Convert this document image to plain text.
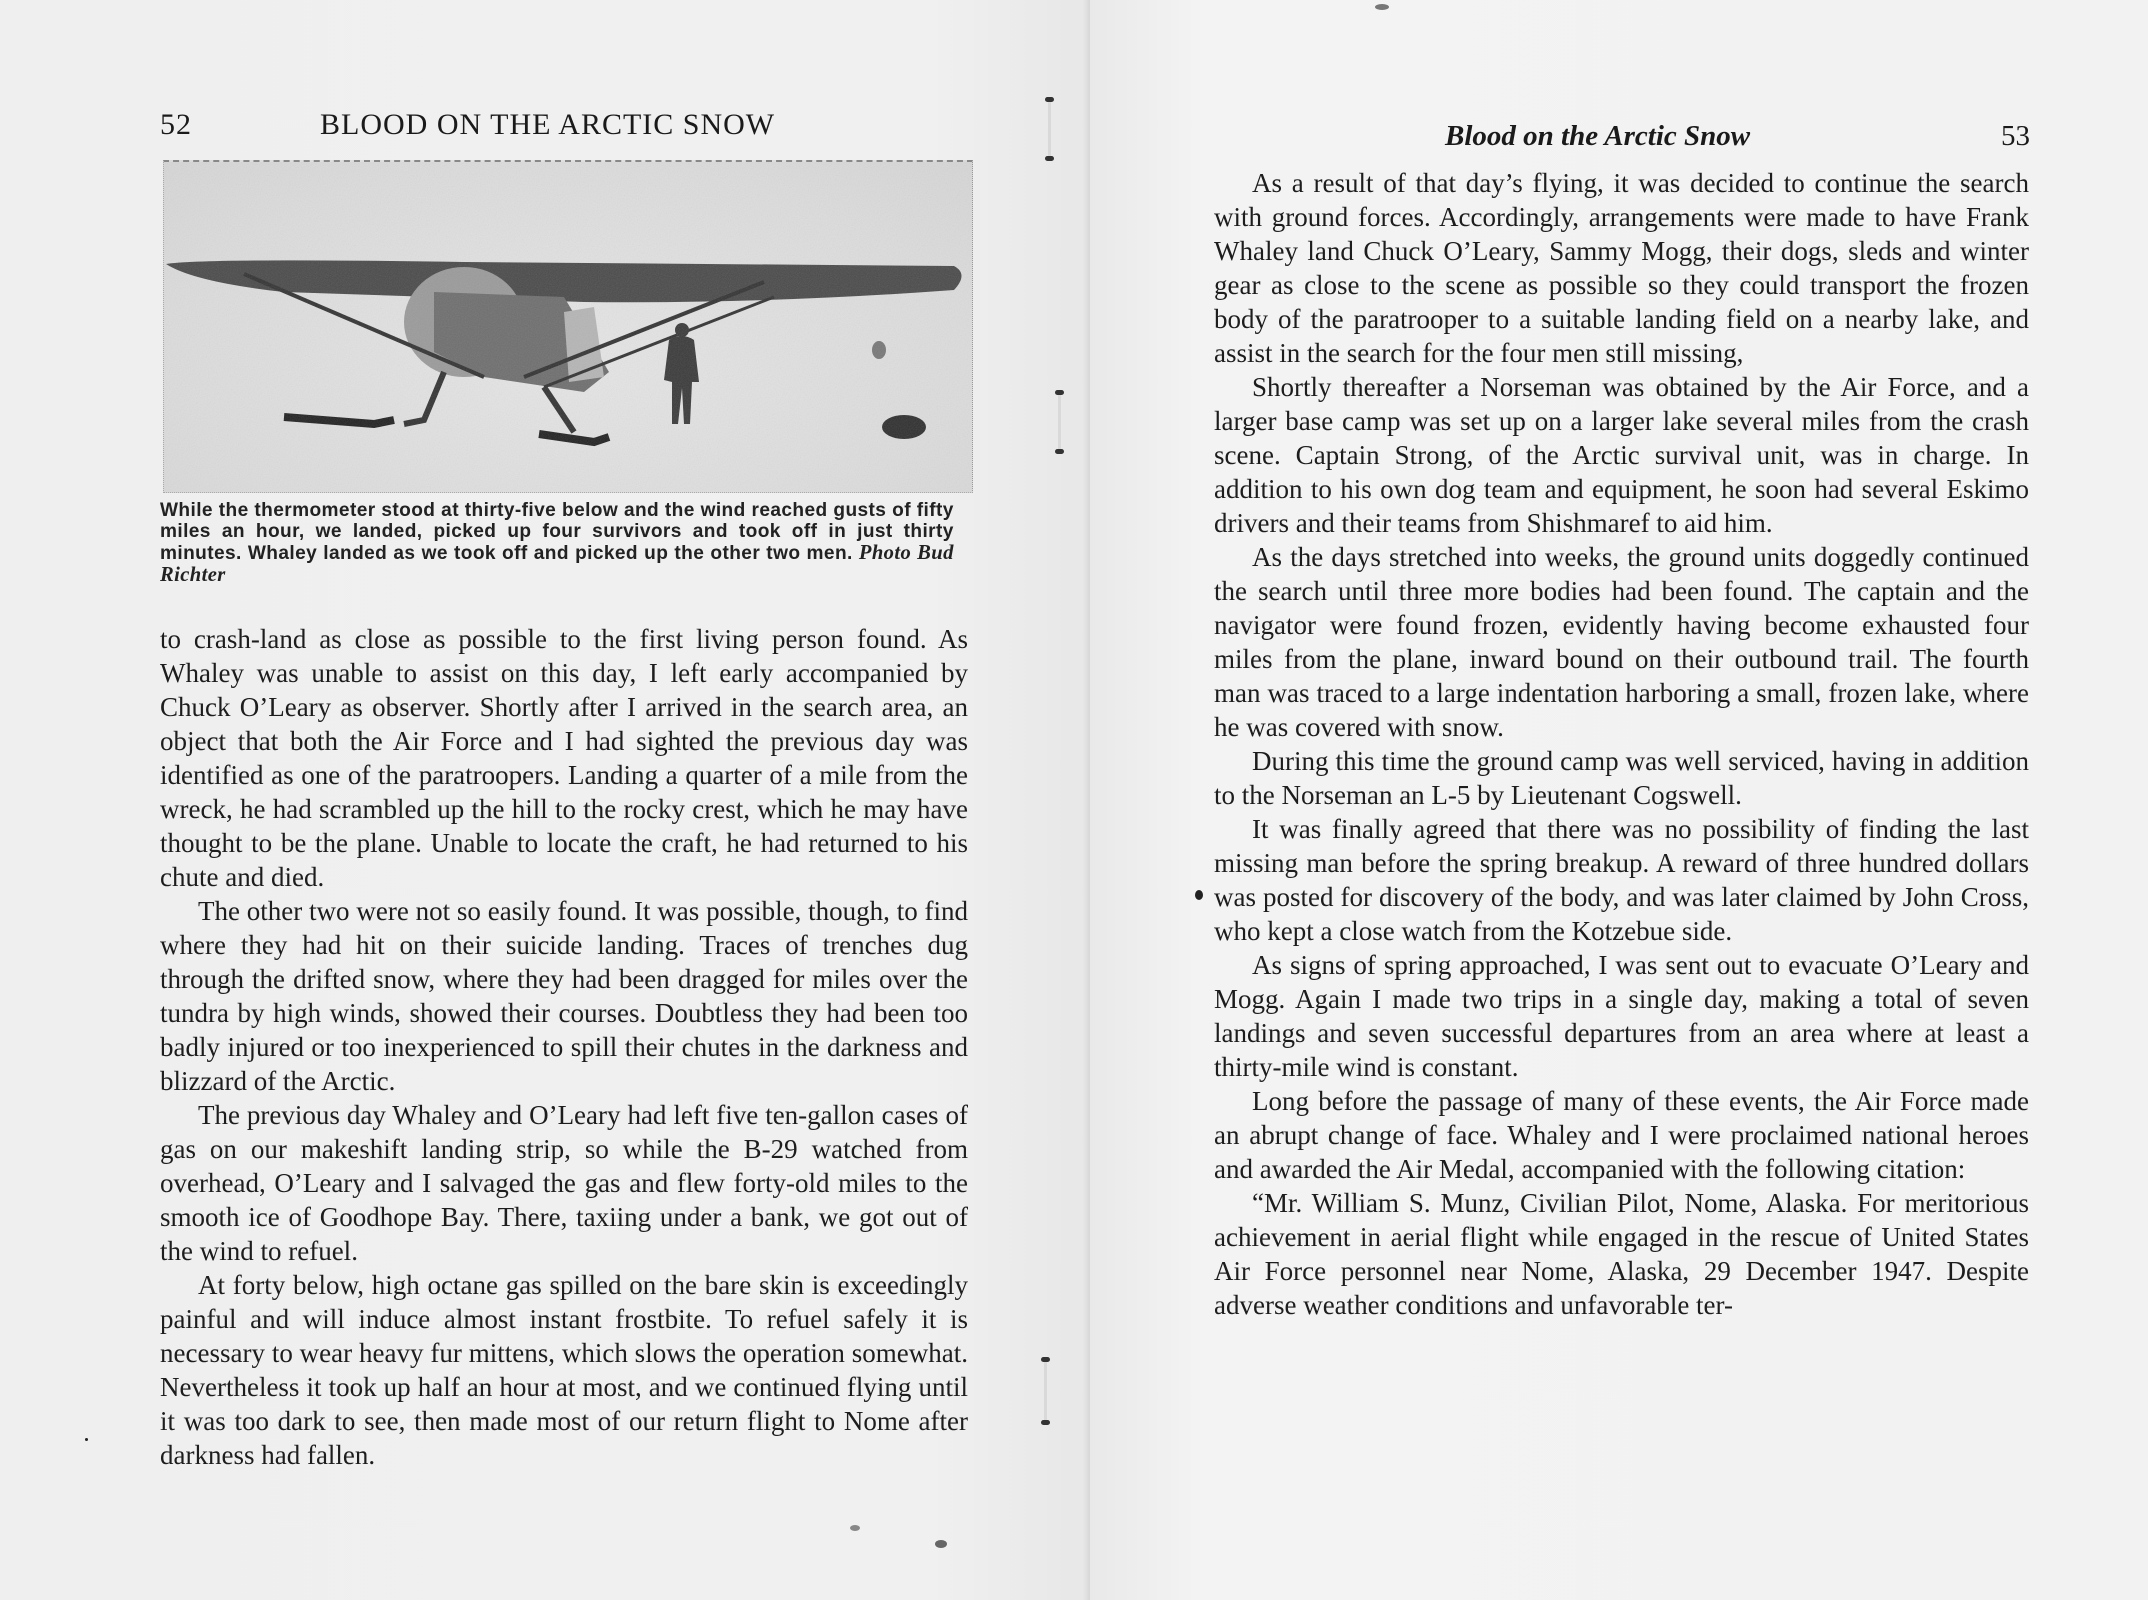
52	BLOOD ON THE ARCTIC SNOW
While the thermometer stood at thirty-five below and the wind reached gusts of fifty miles an hour, we landed, picked up four survivors and took off in just thirty minutes. Whaley landed as we took off and picked up the other two men. Photo Bud Richter

to crash-land as close as possible to the first living person found. As Whaley was unable to assist on this day, I left early accompanied by Chuck O’Leary as observer. Shortly after I arrived in the search area, an object that both the Air Force and I had sighted the previous day was identified as one of the paratroopers. Landing a quarter of a mile from the wreck, he had scrambled up the hill to the rocky crest, which he may have thought to be the plane. Unable to locate the craft, he had returned to his chute and died.

The other two were not so easily found. It was possible, though, to find where they had hit on their suicide landing. Traces of trenches dug through the drifted snow, where they had been dragged for miles over the tundra by high winds, showed their courses. Doubtless they had been too badly injured or too inexperienced to spill their chutes in the darkness and blizzard of the Arctic.

The previous day Whaley and O’Leary had left five ten-gallon cases of gas on our makeshift landing strip, so while the B-29 watched from overhead, O’Leary and I salvaged the gas and flew forty-old miles to the smooth ice of Goodhope Bay. There, taxiing under a bank, we got out of the wind to refuel.

At forty below, high octane gas spilled on the bare skin is exceedingly painful and will induce almost instant frostbite. To refuel safely it is necessary to wear heavy fur mittens, which slows the operation somewhat. Nevertheless it took up half an hour at most, and we continued flying until it was too dark to see, then made most of our return flight to Nome after darkness had fallen.

Blood on the Arctic Snow	53

As a result of that day’s flying, it was decided to continue the search with ground forces. Accordingly, arrangements were made to have Frank Whaley land Chuck O’Leary, Sammy Mogg, their dogs, sleds and winter gear as close to the scene as possible so they could transport the frozen body of the paratrooper to a suitable landing field on a nearby lake, and assist in the search for the four men still missing,

Shortly thereafter a Norseman was obtained by the Air Force, and a larger base camp was set up on a larger lake several miles from the crash scene. Captain Strong, of the Arctic survival unit, was in charge. In addition to his own dog team and equipment, he soon had several Eskimo drivers and their teams from Shishmaref to aid him.

As the days stretched into weeks, the ground units doggedly continued the search until three more bodies had been found. The captain and the navigator were found frozen, evidently having become exhausted four miles from the plane, inward bound on their outbound trail. The fourth man was traced to a large indentation harboring a small, frozen lake, where he was covered with snow.

During this time the ground camp was well serviced, having in addition to the Norseman an L-5 by Lieutenant Cogswell.

It was finally agreed that there was no possibility of finding the last missing man before the spring breakup. A reward of three hundred dollars was posted for discovery of the body, and was later claimed by John Cross, who kept a close watch from the Kotzebue side.

As signs of spring approached, I was sent out to evacuate O’Leary and Mogg. Again I made two trips in a single day, making a total of seven landings and seven successful departures from an area where at least a thirty-mile wind is constant.

Long before the passage of many of these events, the Air Force made an abrupt change of face. Whaley and I were proclaimed national heroes and awarded the Air Medal, accompanied with the following citation:

“Mr. William S. Munz, Civilian Pilot, Nome, Alaska. For meritorious achievement in aerial flight while engaged in the rescue of United States Air Force personnel near Nome, Alaska, 29 December 1947. Despite adverse weather conditions and unfavorable ter-
